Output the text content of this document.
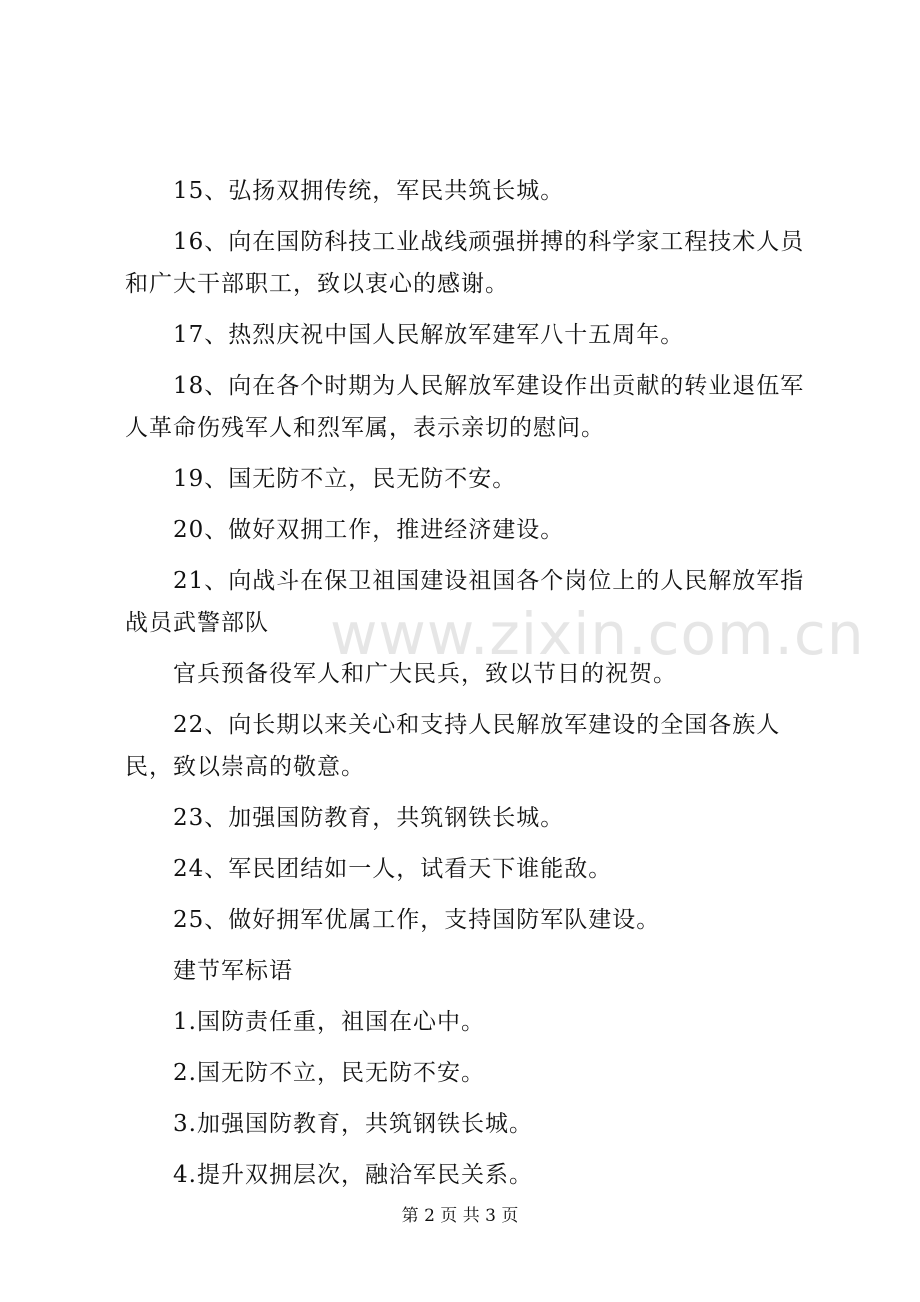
15、弘扬双拥传统，军民共筑长城。

16、向在国防科技工业战线顽强拼搏的科学家工程技术人员和广大干部职工，致以衷心的感谢。

17、热烈庆祝中国人民解放军建军八十五周年。

18、向在各个时期为人民解放军建设作出贡献的转业退伍军人革命伤残军人和烈军属，表示亲切的慰问。

19、国无防不立，民无防不安。

20、做好双拥工作，推进经济建设。

21、向战斗在保卫祖国建设祖国各个岗位上的人民解放军指战员武警部队

官兵预备役军人和广大民兵，致以节日的祝贺。

22、向长期以来关心和支持人民解放军建设的全国各族人民，致以崇高的敬意。

23、加强国防教育，共筑钢铁长城。

24、军民团结如一人，试看天下谁能敌。

25、做好拥军优属工作，支持国防军队建设。

建节军标语

1.国防责任重，祖国在心中。

2.国无防不立，民无防不安。

3.加强国防教育，共筑钢铁长城。

4.提升双拥层次，融洽军民关系。

www.zixin.com.cn
第 2 页 共 3 页
